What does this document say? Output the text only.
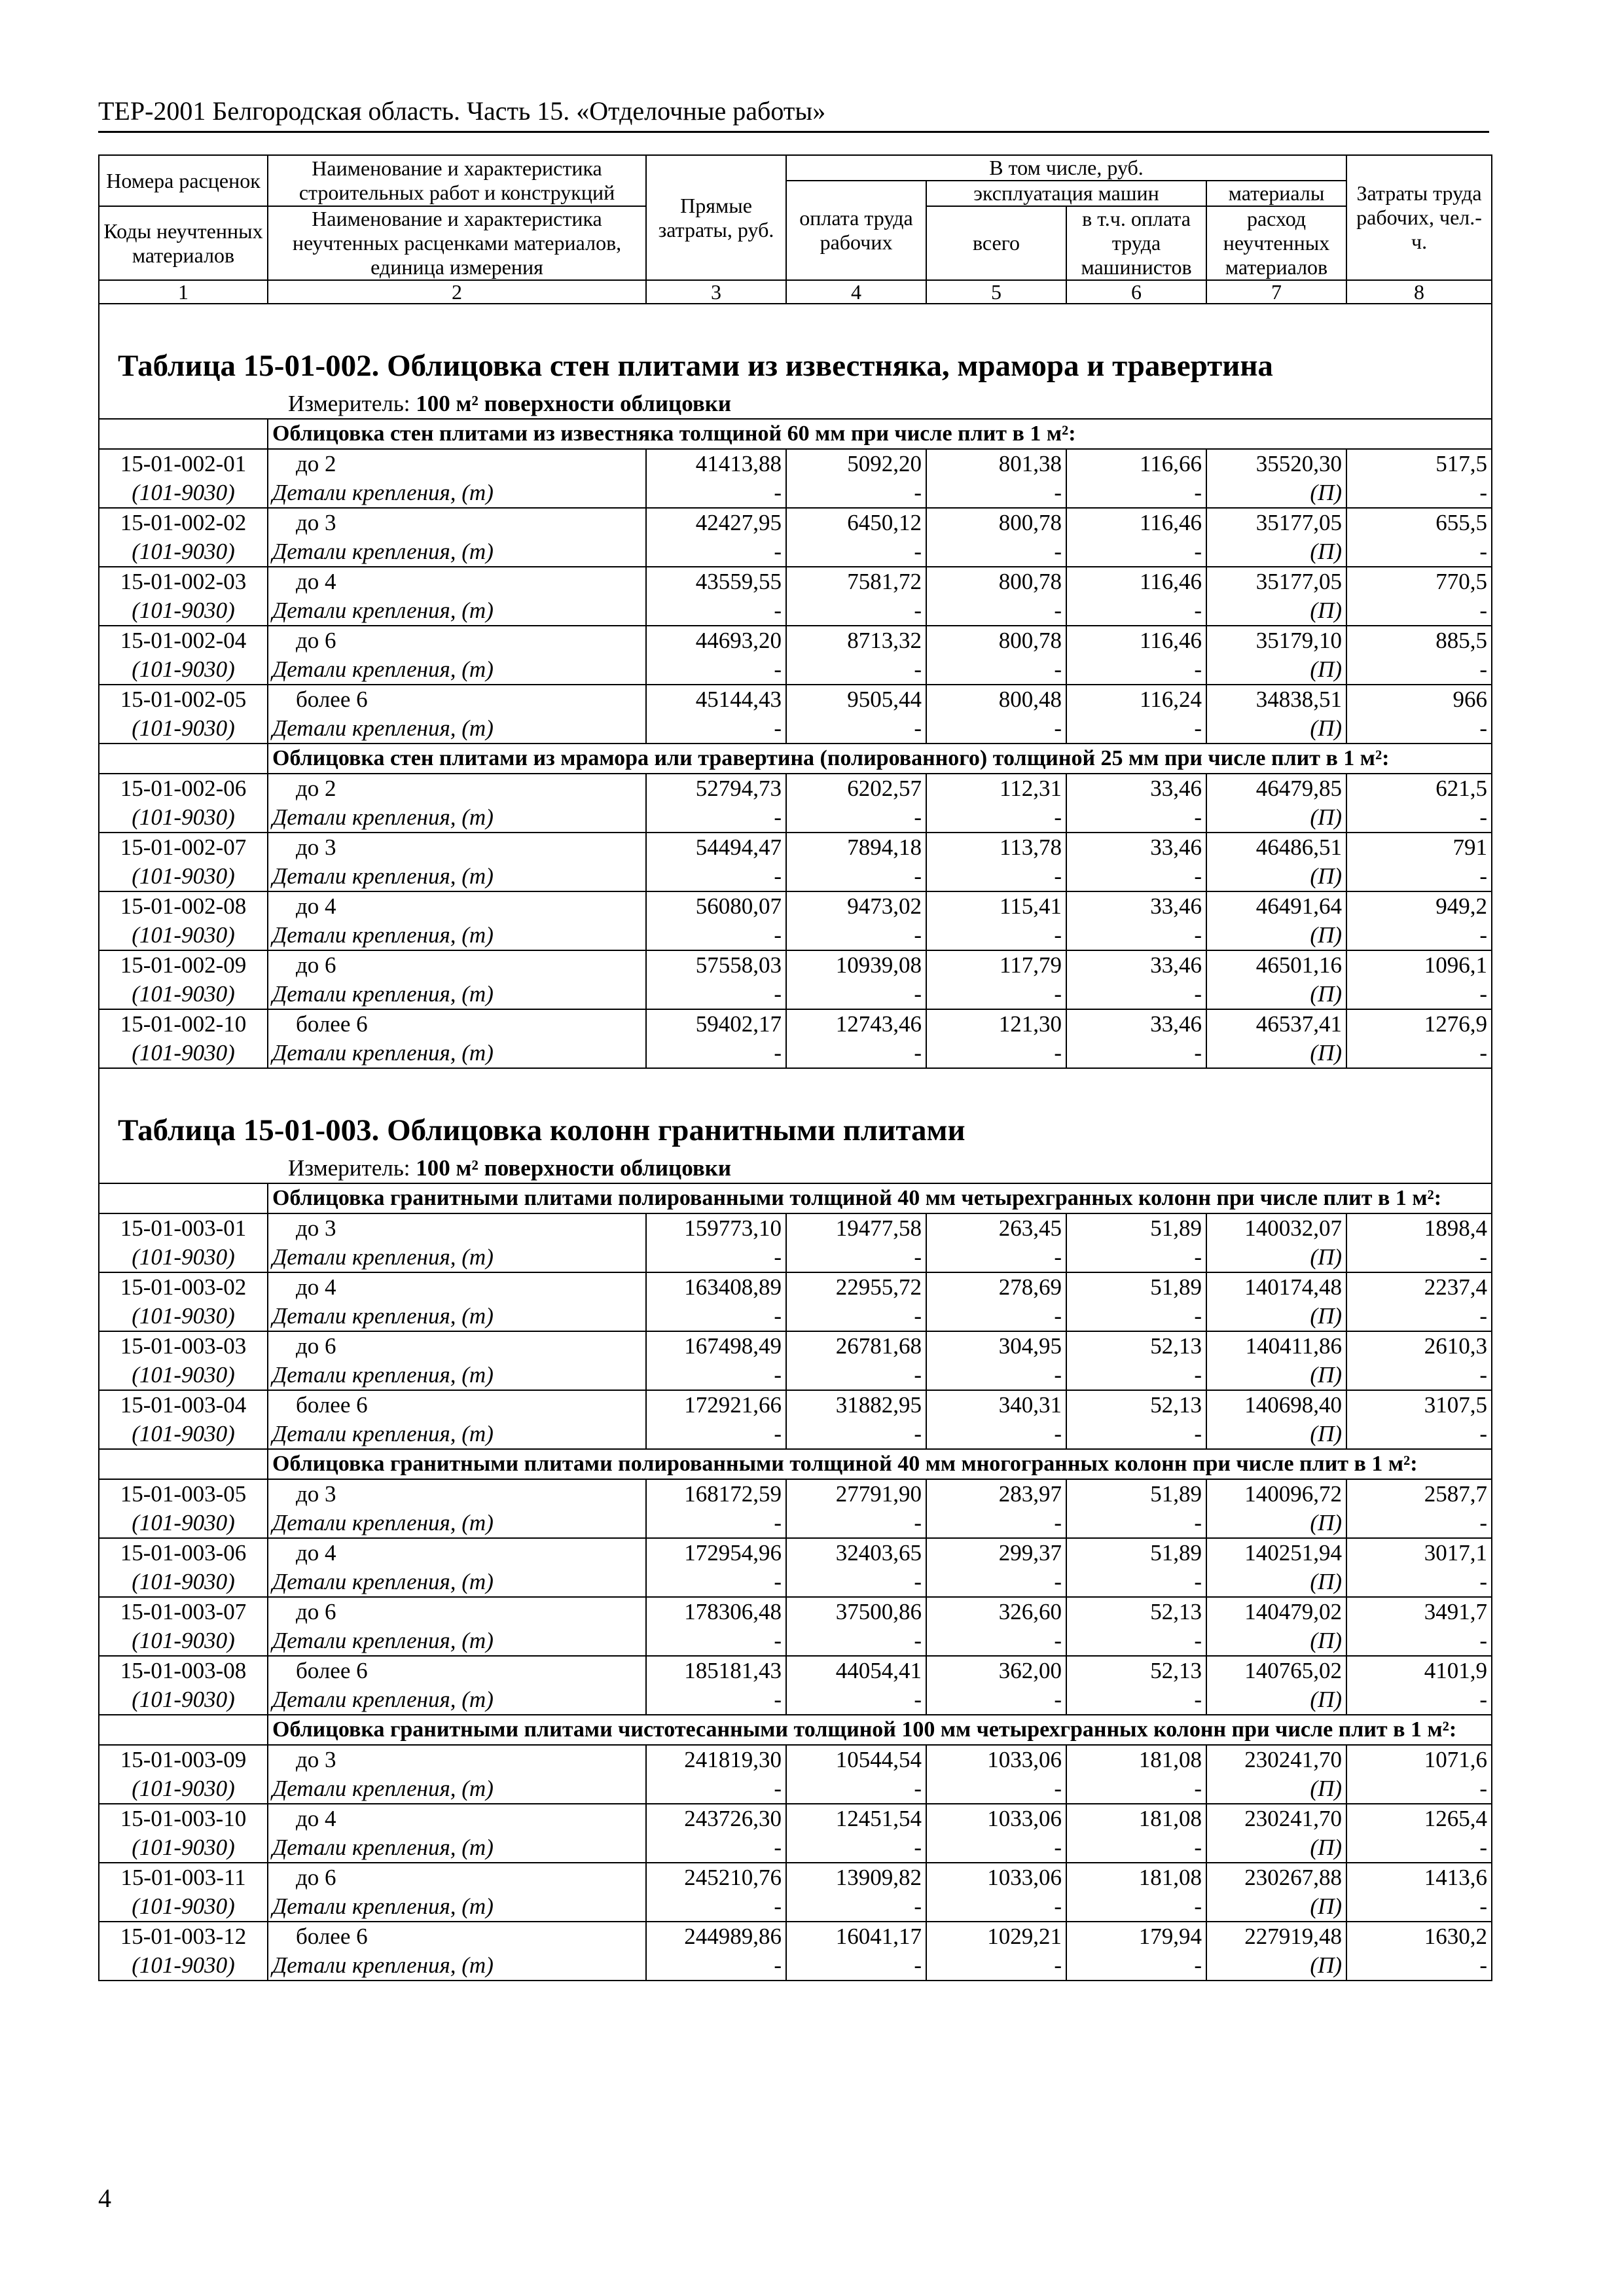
ТЕР-2001 Белгородская область. Часть 15. «Отделочные работы»
Номера расценок	Наименование и характеристика строительных работ и конструкций	Прямые затраты, руб.	В том числе, руб.				Затраты труда рабочих, чел.-ч.
			оплата труда рабочих	эксплуатация машин		материалы	
Коды неучтенных материалов	Наименование и характеристика неучтенных расценками материалов, единица измерения			всего	в т.ч. оплата труда машинистов	расход неучтенных материалов	

1	2	3	4	5	6	7	8

Таблица 15-01-002. Облицовка стен плитами из известняка, мрамора и травертина
Измеритель: 100 м² поверхности облицовки							

	Облицовка стен плитами из известняка толщиной 60 мм при числе плит в 1 м²:						
15-01-002-01	до 2	41413,88	5092,20	801,38	116,66	35520,30	517,5
(101-9030)	Детали крепления, (т)	-	-	-	-	(П)	-
15-01-002-02	до 3	42427,95	6450,12	800,78	116,46	35177,05	655,5
(101-9030)	Детали крепления, (т)	-	-	-	-	(П)	-
15-01-002-03	до 4	43559,55	7581,72	800,78	116,46	35177,05	770,5
(101-9030)	Детали крепления, (т)	-	-	-	-	(П)	-
15-01-002-04	до 6	44693,20	8713,32	800,78	116,46	35179,10	885,5
(101-9030)	Детали крепления, (т)	-	-	-	-	(П)	-
15-01-002-05	более 6	45144,43	9505,44	800,48	116,24	34838,51	966
(101-9030)	Детали крепления, (т)	-	-	-	-	(П)	-
	Облицовка стен плитами из мрамора или травертина (полированного) толщиной 25 мм при числе плит в 1 м²:						
15-01-002-06	до 2	52794,73	6202,57	112,31	33,46	46479,85	621,5
(101-9030)	Детали крепления, (т)	-	-	-	-	(П)	-
15-01-002-07	до 3	54494,47	7894,18	113,78	33,46	46486,51	791
(101-9030)	Детали крепления, (т)	-	-	-	-	(П)	-
15-01-002-08	до 4	56080,07	9473,02	115,41	33,46	46491,64	949,2
(101-9030)	Детали крепления, (т)	-	-	-	-	(П)	-
15-01-002-09	до 6	57558,03	10939,08	117,79	33,46	46501,16	1096,1
(101-9030)	Детали крепления, (т)	-	-	-	-	(П)	-
15-01-002-10	более 6	59402,17	12743,46	121,30	33,46	46537,41	1276,9
(101-9030)	Детали крепления, (т)	-	-	-	-	(П)	-

Таблица 15-01-003. Облицовка колонн гранитными плитами
Измеритель: 100 м² поверхности облицовки							

	Облицовка гранитными плитами полированными толщиной 40 мм четырехгранных колонн при числе плит в 1 м²:						
15-01-003-01	до 3	159773,10	19477,58	263,45	51,89	140032,07	1898,4
(101-9030)	Детали крепления, (т)	-	-	-	-	(П)	-
15-01-003-02	до 4	163408,89	22955,72	278,69	51,89	140174,48	2237,4
(101-9030)	Детали крепления, (т)	-	-	-	-	(П)	-
15-01-003-03	до 6	167498,49	26781,68	304,95	52,13	140411,86	2610,3
(101-9030)	Детали крепления, (т)	-	-	-	-	(П)	-
15-01-003-04	более 6	172921,66	31882,95	340,31	52,13	140698,40	3107,5
(101-9030)	Детали крепления, (т)	-	-	-	-	(П)	-
	Облицовка гранитными плитами полированными толщиной 40 мм многогранных колонн при числе плит в 1 м²:						
15-01-003-05	до 3	168172,59	27791,90	283,97	51,89	140096,72	2587,7
(101-9030)	Детали крепления, (т)	-	-	-	-	(П)	-
15-01-003-06	до 4	172954,96	32403,65	299,37	51,89	140251,94	3017,1
(101-9030)	Детали крепления, (т)	-	-	-	-	(П)	-
15-01-003-07	до 6	178306,48	37500,86	326,60	52,13	140479,02	3491,7
(101-9030)	Детали крепления, (т)	-	-	-	-	(П)	-
15-01-003-08	более 6	185181,43	44054,41	362,00	52,13	140765,02	4101,9
(101-9030)	Детали крепления, (т)	-	-	-	-	(П)	-
	Облицовка гранитными плитами чистотесанными толщиной 100 мм четырехгранных колонн при числе плит в 1 м²:						
15-01-003-09	до 3	241819,30	10544,54	1033,06	181,08	230241,70	1071,6
(101-9030)	Детали крепления, (т)	-	-	-	-	(П)	-
15-01-003-10	до 4	243726,30	12451,54	1033,06	181,08	230241,70	1265,4
(101-9030)	Детали крепления, (т)	-	-	-	-	(П)	-
15-01-003-11	до 6	245210,76	13909,82	1033,06	181,08	230267,88	1413,6
(101-9030)	Детали крепления, (т)	-	-	-	-	(П)	-
15-01-003-12	более 6	244989,86	16041,17	1029,21	179,94	227919,48	1630,2
(101-9030)	Детали крепления, (т)	-	-	-	-	(П)	-
4
